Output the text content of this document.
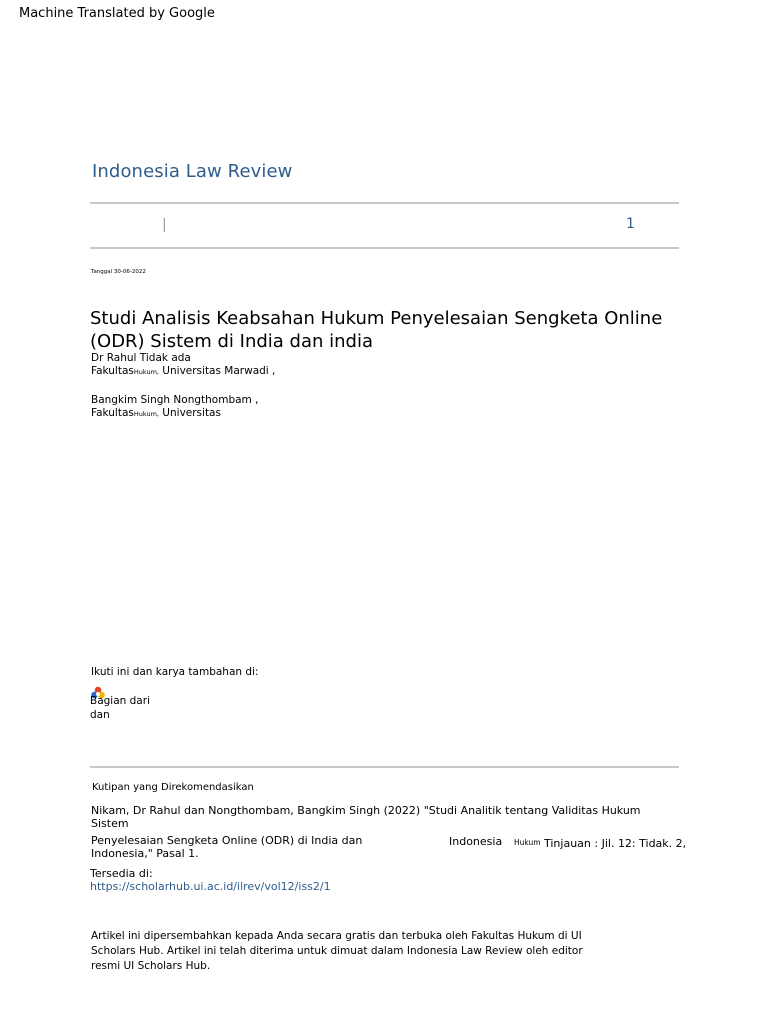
Machine Translated by Google
Indonesia Law Review
|	1
Tanggal 30-06-2022
Studi Analisis Keabsahan Hukum Penyelesaian Sengketa Online (ODR) Sistem di India dan india
Dr Rahul Tidak ada
FakultasHukum, Universitas Marwadi ,
Bangkim Singh Nongthombam ,
FakultasHukum, Universitas
Ikuti ini dan karya tambahan di:
Bagian dari
dan
Kutipan yang Direkomendasikan
Nikam, Dr Rahul dan Nongthombam, Bangkim Singh (2022) "Studi Analitik tentang Validitas Hukum Sistem
Penyelesaian Sengketa Online (ODR) di India dan Indonesia," Pasal 1.
Indonesia Hukum Tinjauan : Jil. 12: Tidak. 2,
Tersedia di:
https://scholarhub.ui.ac.id/ilrev/vol12/iss2/1
Artikel ini dipersembahkan kepada Anda secara gratis dan terbuka oleh Fakultas Hukum di UI Scholars Hub. Artikel ini telah diterima untuk dimuat dalam Indonesia Law Review oleh editor resmi UI Scholars Hub.
